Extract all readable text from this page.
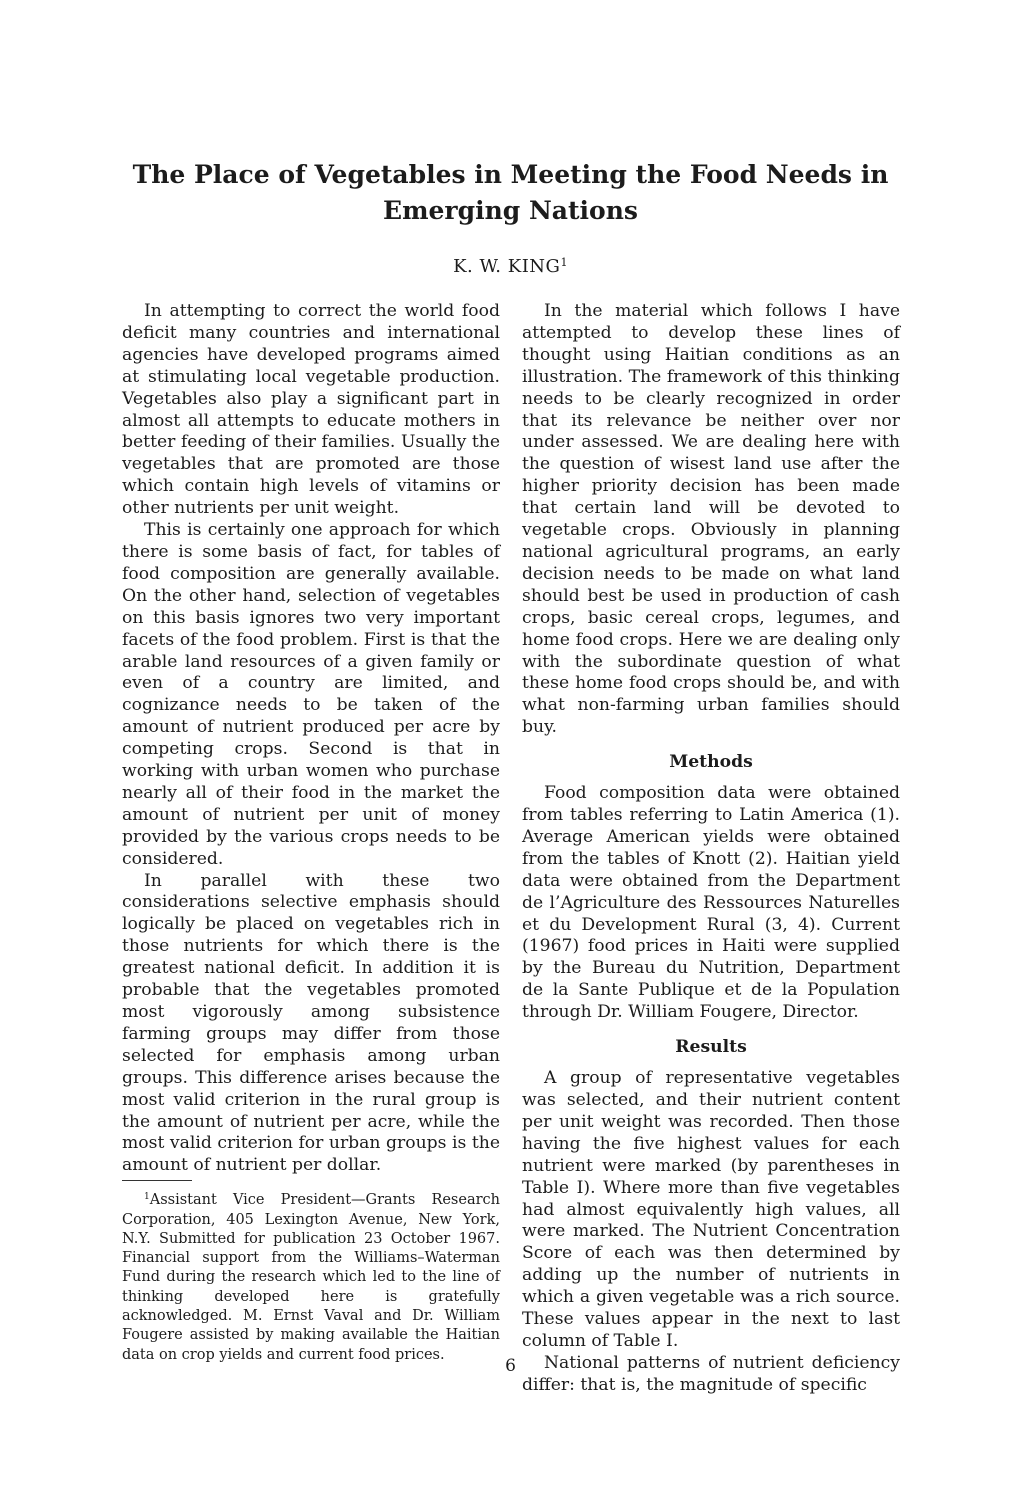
The Place of Vegetables in Meeting the Food Needs in Emerging Nations
K. W. KING$^1$

In attempting to correct the world food deficit many countries and international agencies have developed programs aimed at stimulating local vegetable production. Vegetables also play a significant part in almost all attempts to educate mothers in better feeding of their families. Usually the vegetables that are promoted are those which contain high levels of vitamins or other nutrients per unit weight.

This is certainly one approach for which there is some basis of fact, for tables of food composition are generally available. On the other hand, selection of vegetables on this basis ignores two very important facets of the food problem. First is that the arable land resources of a given family or even of a country are limited, and cognizance needs to be taken of the amount of nutrient produced per acre by competing crops. Second is that in working with urban women who purchase nearly all of their food in the market the amount of nutrient per unit of money provided by the various crops needs to be considered.

In parallel with these two considerations selective emphasis should logically be placed on vegetables rich in those nutrients for which there is the greatest national deficit. In addition it is probable that the vegetables promoted most vigorously among subsistence farming groups may differ from those selected for emphasis among urban groups. This difference arises because the most valid criterion in the rural group is the amount of nutrient per acre, while the most valid criterion for urban groups is the amount of nutrient per dollar.

$^1$Assistant Vice President—Grants Research Corporation, 405 Lexington Avenue, New York, N.Y. Submitted for publication 23 October 1967. Financial support from the Williams–Waterman Fund during the research which led to the line of thinking developed here is gratefully acknowledged. M. Ernst Vaval and Dr. William Fougere assisted by making available the Haitian data on crop yields and current food prices.

In the material which follows I have attempted to develop these lines of thought using Haitian conditions as an illustration. The framework of this thinking needs to be clearly recognized in order that its relevance be neither over nor under assessed. We are dealing here with the question of wisest land use after the higher priority decision has been made that certain land will be devoted to vegetable crops. Obviously in planning national agricultural programs, an early decision needs to be made on what land should best be used in production of cash crops, basic cereal crops, legumes, and home food crops. Here we are dealing only with the subordinate question of what these home food crops should be, and with what non-farming urban families should buy.

Methods

Food composition data were obtained from tables referring to Latin America (1). Average American yields were obtained from the tables of Knott (2). Haitian yield data were obtained from the Department de l’Agriculture des Ressources Naturelles et du Development Rural (3, 4). Current (1967) food prices in Haiti were supplied by the Bureau du Nutrition, Department de la Sante Publique et de la Population through Dr. William Fougere, Director.

Results

A group of representative vegetables was selected, and their nutrient content per unit weight was recorded. Then those having the five highest values for each nutrient were marked (by parentheses in Table I). Where more than five vegetables had almost equivalently high values, all were marked. The Nutrient Concentration Score of each was then determined by adding up the number of nutrients in which a given vegetable was a rich source. These values appear in the next to last column of Table I.

National patterns of nutrient deficiency differ: that is, the magnitude of specific

6
